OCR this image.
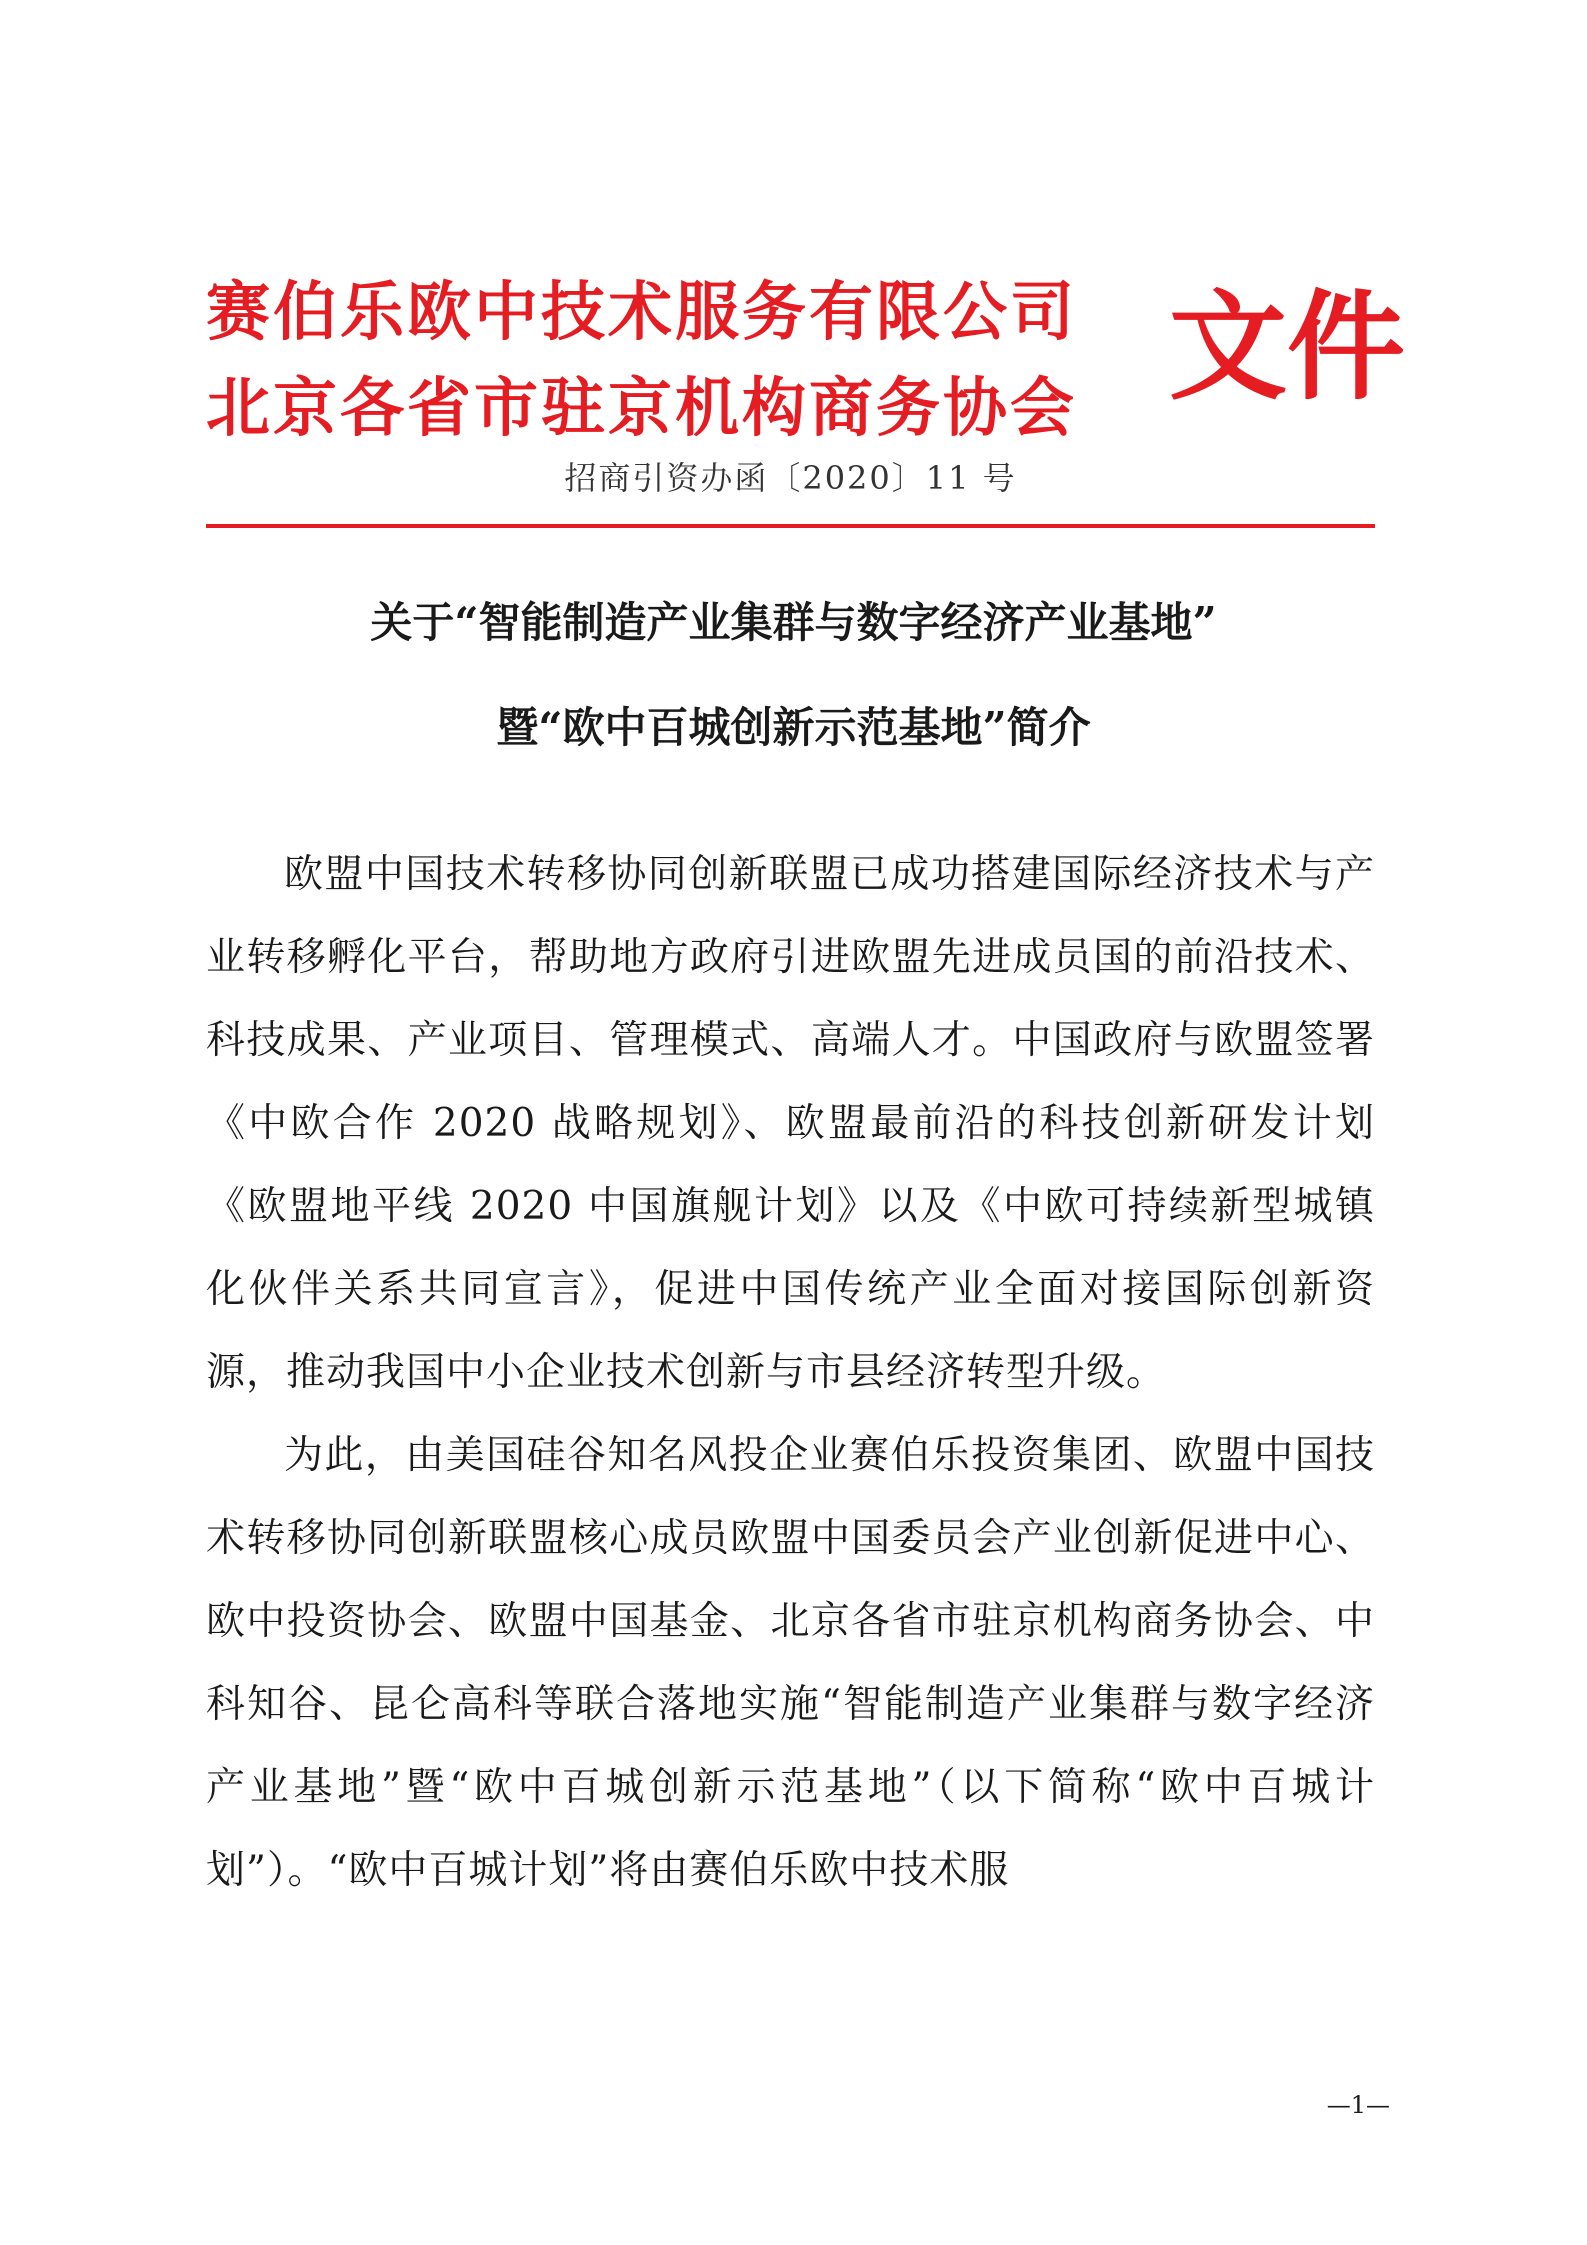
赛伯乐欧中技术服务有限公司
北京各省市驻京机构商务协会 文件
招商引资办函〔2020〕11 号
关于“智能制造产业集群与数字经济产业基地”
暨“欧中百城创新示范基地”简介

欧盟中国技术转移协同创新联盟已成功搭建国际经济技术与产业转移孵化平台，帮助地方政府引进欧盟先进成员国的前沿技术、科技成果、产业项目、管理模式、高端人才。中国政府与欧盟签署《中欧合作 2020 战略规划》、欧盟最前沿的科技创新研发计划《欧盟地平线 2020 中国旗舰计划》以及《中欧可持续新型城镇化伙伴关系共同宣言》，促进中国传统产业全面对接国际创新资源，推动我国中小企业技术创新与市县经济转型升级。

为此，由美国硅谷知名风投企业赛伯乐投资集团、欧盟中国技术转移协同创新联盟核心成员欧盟中国委员会产业创新促进中心、欧中投资协会、欧盟中国基金、北京各省市驻京机构商务协会、中科知谷、昆仑高科等联合落地实施“智能制造产业集群与数字经济产业基地”暨“欧中百城创新示范基地”（以下简称“欧中百城计划”）。“欧中百城计划”将由赛伯乐欧中技术服

—1—
